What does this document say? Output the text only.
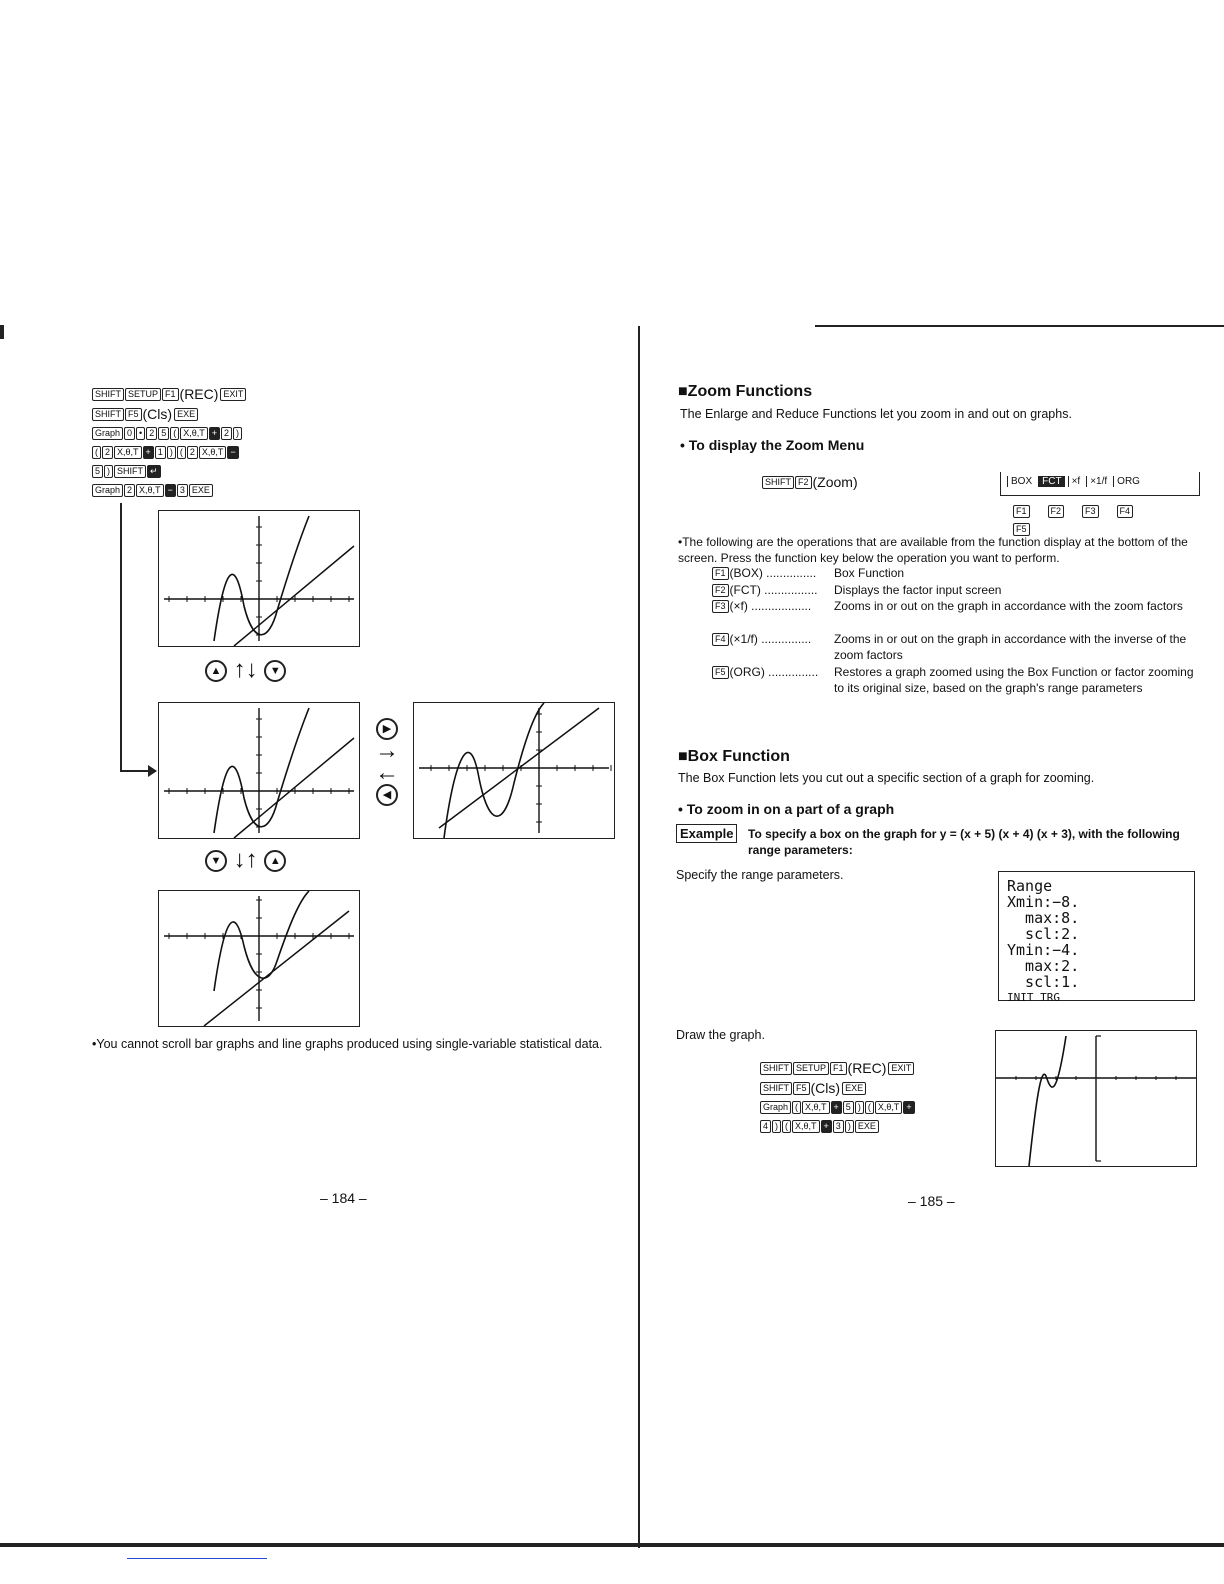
SHIFT SETUP F1 (REC) EXIT
SHIFT F5 (Cls) EXE
Graph 0 • 2 5 ( X,θ,T + 2 )
( 2 X,θ,T + 1 ) ( 2 X,θ,T −
5 ) SHIFT ↵
Graph 2 X,θ,T − 3 EXE
▲ ↑↓ ▼
▼ ↓↑ ▲
▶
→
←
◀
•You cannot scroll bar graphs and line graphs produced using single-variable statistical data.
– 184 –
■Zoom Functions
The Enlarge and Reduce Functions let you zoom in and out on graphs.
• To display the Zoom Menu
SHIFT F2 (Zoom)	BOX FCT ×f ×1/f ORG
F1	F2	F3	F4F5
•The following are the operations that are available from the function display at the bottom of the screen. Press the function key below the operation you want to perform.
F1 (BOX) ............... Box Function
F2 (FCT) ................ Displays the factor input screen
F3 (×f) .................. Zooms in or out on the graph in accordance with the zoom factors
F4 (×1/f) ............... Zooms in or out on the graph in accordance with the inverse of the zoom factors
F5 (ORG) ............... Restores a graph zoomed using the Box Function or factor zooming to its original size, based on the graph's range parameters
■Box Function
The Box Function lets you cut out a specific section of a graph for zooming.
• To zoom in on a part of a graph
Example	To specify a box on the graph for y = (x + 5) (x + 4) (x + 3), with the following range parameters:
Specify the range parameters.
Range
Xmin:−8.
max:8.
scl:2.
Ymin:−4.
max:2.
scl:1.
INIT TRG
Draw the graph.
SHIFT SETUP F1 (REC) EXIT
SHIFT F5 (Cls) EXE
Graph ( X,θ,T + 5 ) ( X,θ,T +
4 ) ( X,θ,T + 3 ) EXE
– 185 –
